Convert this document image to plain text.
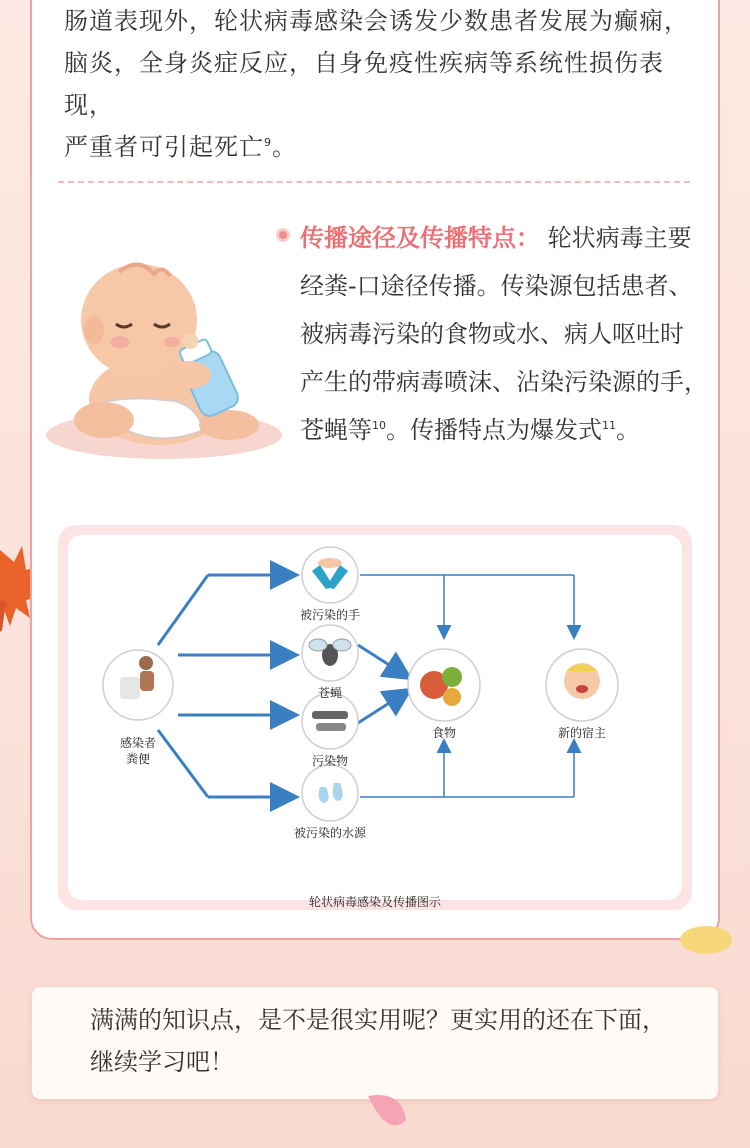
肠道表现外，轮状病毒感染会诱发少数患者发展为癫痫，
脑炎，全身炎症反应，自身免疫性疾病等系统性损伤表现，
严重者可引起死亡$^9$。
传播途径及传播特点： 轮状病毒主要
经粪-口途径传播。传染源包括患者、
被病毒污染的食物或水、病人呕吐时
产生的带病毒喷沫、沾染污染源的手，
苍蝇等$^{10}$。传播特点为爆发式$^{11}$。
感染者
粪便
被污染的手
苍蝇
污染物
被污染的水源
食物	新的宿主
轮状病毒感染及传播图示
满满的知识点，是不是很实用呢？更实用的还在下面，
继续学习吧！
